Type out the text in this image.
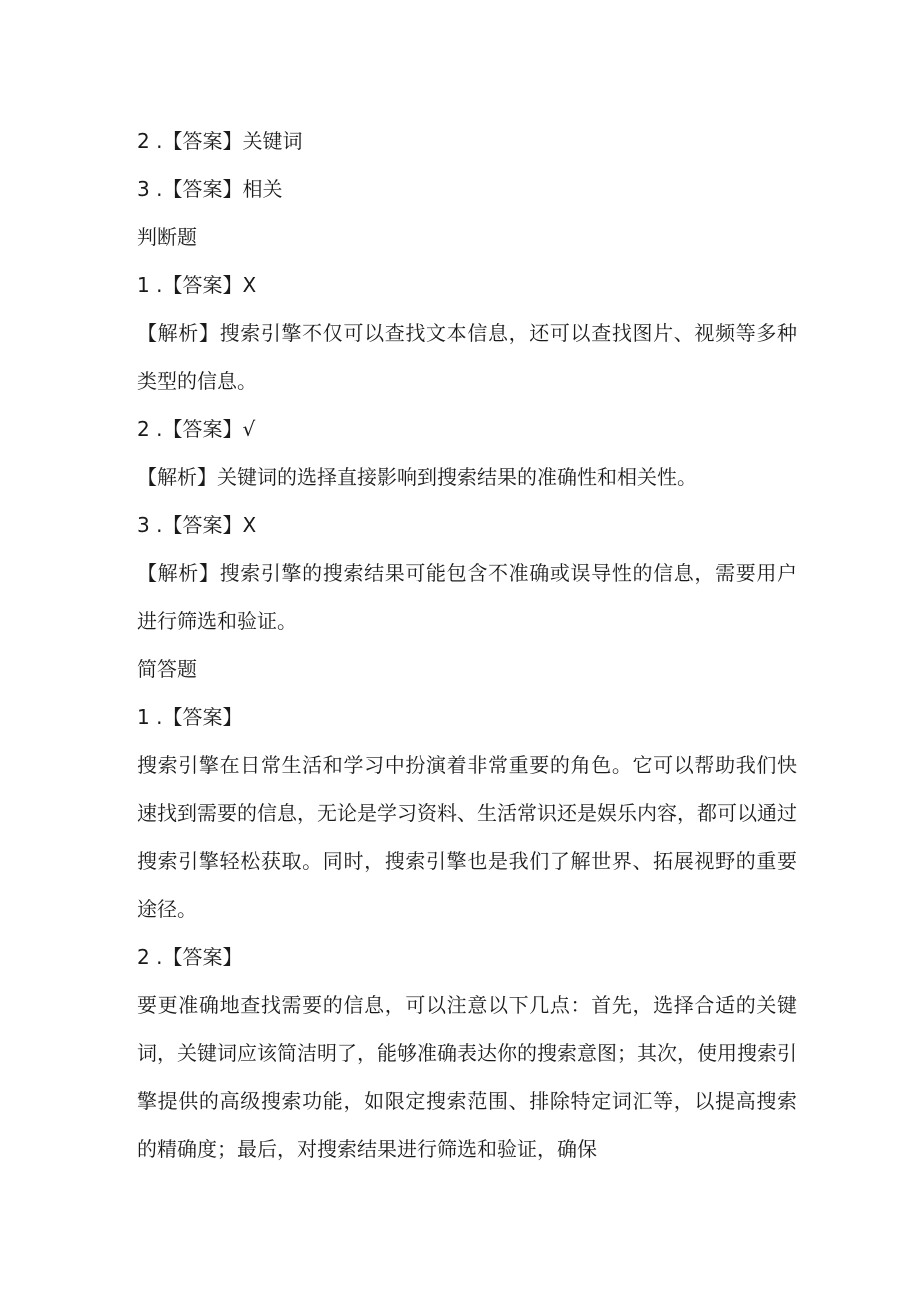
2 .【答案】关键词

3 .【答案】相关

判断题

1 .【答案】X

【解析】搜索引擎不仅可以查找文本信息，还可以查找图片、视频等多种

类型的信息。

2 .【答案】√

【解析】关键词的选择直接影响到搜索结果的准确性和相关性。

3 .【答案】X

【解析】搜索引擎的搜索结果可能包含不准确或误导性的信息，需要用户

进行筛选和验证。

简答题

1 .【答案】

搜索引擎在日常生活和学习中扮演着非常重要的角色。它可以帮助我们快

速找到需要的信息，无论是学习资料、生活常识还是娱乐内容，都可以通过

搜索引擎轻松获取。同时，搜索引擎也是我们了解世界、拓展视野的重要

途径。

2 .【答案】

要更准确地查找需要的信息，可以注意以下几点：首先，选择合适的关键

词，关键词应该简洁明了，能够准确表达你的搜索意图；其次，使用搜索引

擎提供的高级搜索功能，如限定搜索范围、排除特定词汇等，以提高搜索

的精确度；最后，对搜索结果进行筛选和验证，确保
